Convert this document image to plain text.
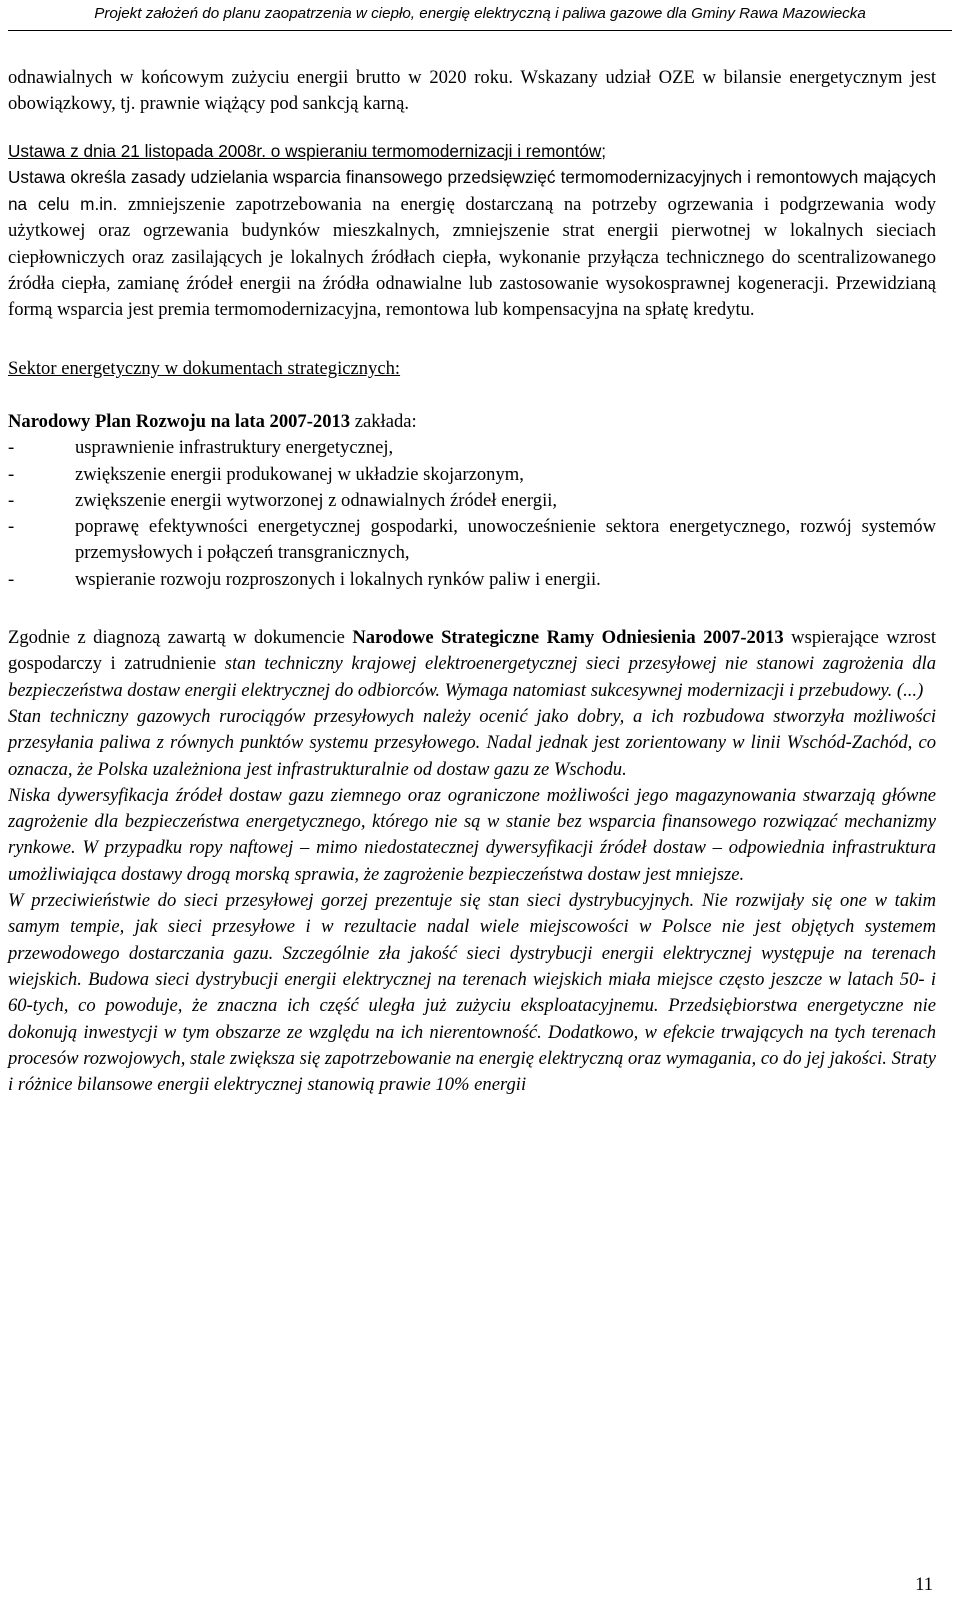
Projekt założeń do planu zaopatrzenia w ciepło, energię elektryczną i paliwa gazowe dla Gminy Rawa Mazowiecka

odnawialnych w końcowym zużyciu energii brutto w 2020 roku. Wskazany udział OZE w bilansie energetycznym jest obowiązkowy, tj. prawnie wiążący pod sankcją karną.

Ustawa z dnia 21 listopada 2008r. o wspieraniu termomodernizacji i remontów;

Ustawa określa zasady udzielania wsparcia finansowego przedsięwzięć termomodernizacyjnych i remontowych mających na celu m.in. zmniejszenie zapotrzebowania na energię dostarczaną na potrzeby ogrzewania i podgrzewania wody użytkowej oraz ogrzewania budynków mieszkalnych, zmniejszenie strat energii pierwotnej w lokalnych sieciach ciepłowniczych oraz zasilających je lokalnych źródłach ciepła, wykonanie przyłącza technicznego do scentralizowanego źródła ciepła, zamianę źródeł energii na źródła odnawialne lub zastosowanie wysokosprawnej kogeneracji. Przewidzianą formą wsparcia jest premia termomodernizacyjna, remontowa lub kompensacyjna na spłatę kredytu.

Sektor energetyczny w dokumentach strategicznych:

Narodowy Plan Rozwoju na lata 2007-2013 zakłada:

-	usprawnienie infrastruktury energetycznej,
-	zwiększenie energii produkowanej w układzie skojarzonym,
-	zwiększenie energii wytworzonej z odnawialnych źródeł energii,
-	poprawę efektywności energetycznej gospodarki, unowocześnienie sektora energetycznego, rozwój systemów przemysłowych i połączeń transgranicznych,
-	wspieranie rozwoju rozproszonych i lokalnych rynków paliw i energii.

Zgodnie z diagnozą zawartą w dokumencie Narodowe Strategiczne Ramy Odniesienia 2007-2013 wspierające wzrost gospodarczy i zatrudnienie stan techniczny krajowej elektroenergetycznej sieci przesyłowej nie stanowi zagrożenia dla bezpieczeństwa dostaw energii elektrycznej do odbiorców. Wymaga natomiast sukcesywnej modernizacji i przebudowy. (...)

Stan techniczny gazowych rurociągów przesyłowych należy ocenić jako dobry, a ich rozbudowa stworzyła możliwości przesyłania paliwa z równych punktów systemu przesyłowego. Nadal jednak jest zorientowany w linii Wschód-Zachód, co oznacza, że Polska uzależniona jest infrastrukturalnie od dostaw gazu ze Wschodu.

Niska dywersyfikacja źródeł dostaw gazu ziemnego oraz ograniczone możliwości jego magazynowania stwarzają główne zagrożenie dla bezpieczeństwa energetycznego, którego nie są w stanie bez wsparcia finansowego rozwiązać mechanizmy rynkowe. W przypadku ropy naftowej – mimo niedostatecznej dywersyfikacji źródeł dostaw – odpowiednia infrastruktura umożliwiająca dostawy drogą morską sprawia, że zagrożenie bezpieczeństwa dostaw jest mniejsze.

W przeciwieństwie do sieci przesyłowej gorzej prezentuje się stan sieci dystrybucyjnych. Nie rozwijały się one w takim samym tempie, jak sieci przesyłowe i w rezultacie nadal wiele miejscowości w Polsce nie jest objętych systemem przewodowego dostarczania gazu. Szczególnie zła jakość sieci dystrybucji energii elektrycznej występuje na terenach wiejskich. Budowa sieci dystrybucji energii elektrycznej na terenach wiejskich miała miejsce często jeszcze w latach 50- i 60-tych, co powoduje, że znaczna ich część uległa już zużyciu eksploatacyjnemu. Przedsiębiorstwa energetyczne nie dokonują inwestycji w tym obszarze ze względu na ich nierentowność. Dodatkowo, w efekcie trwających na tych terenach procesów rozwojowych, stale zwiększa się zapotrzebowanie na energię elektryczną oraz wymagania, co do jej jakości. Straty i różnice bilansowe energii elektrycznej stanowią prawie 10% energii

11
